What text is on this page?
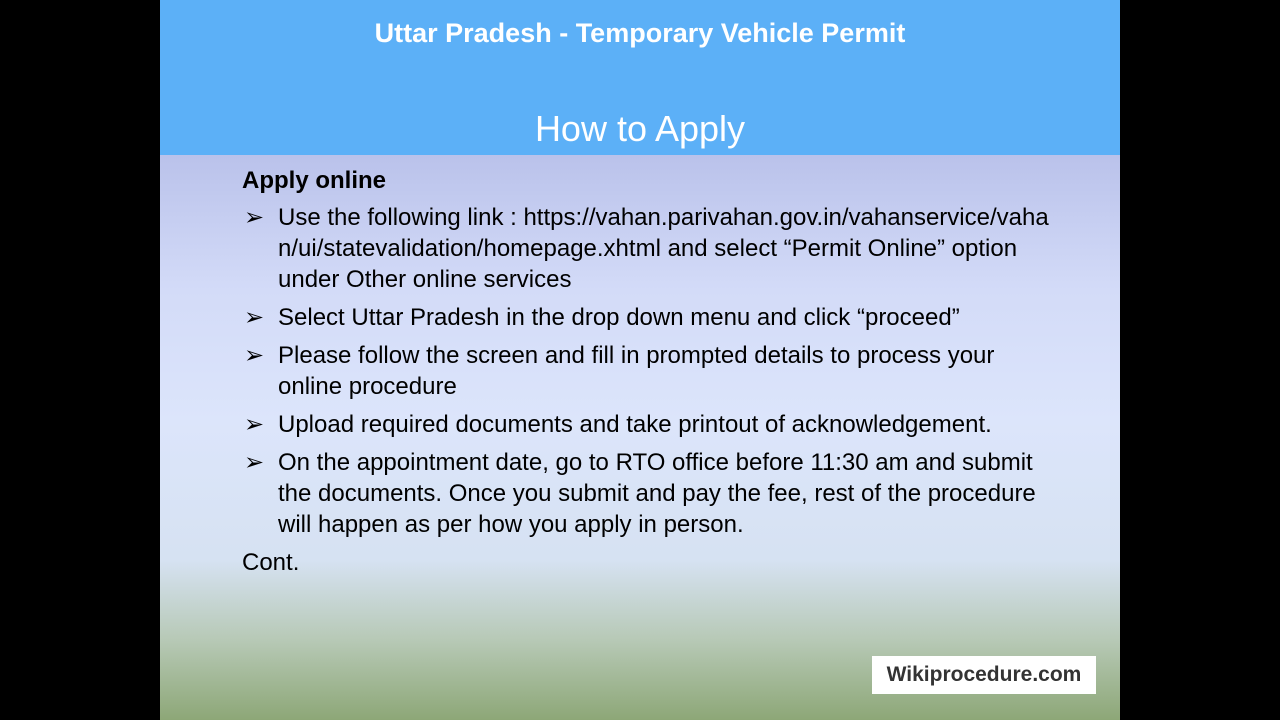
Uttar Pradesh - Temporary Vehicle Permit
How to Apply
Apply online
➢ Use the following link : https://vahan.parivahan.gov.in/vahanservice/vahan/ui/statevalidation/homepage.xhtml and select “Permit Online” option under Other online services
➢ Select Uttar Pradesh in the drop down menu and click “proceed”
➢ Please follow the screen and fill in prompted details to process your online procedure
➢ Upload required documents and take printout of acknowledgement.
➢ On the appointment date, go to RTO office before 11:30 am and submit the documents. Once you submit and pay the fee, rest of the procedure will happen as per how you apply in person.
Cont.
Wikiprocedure.com
